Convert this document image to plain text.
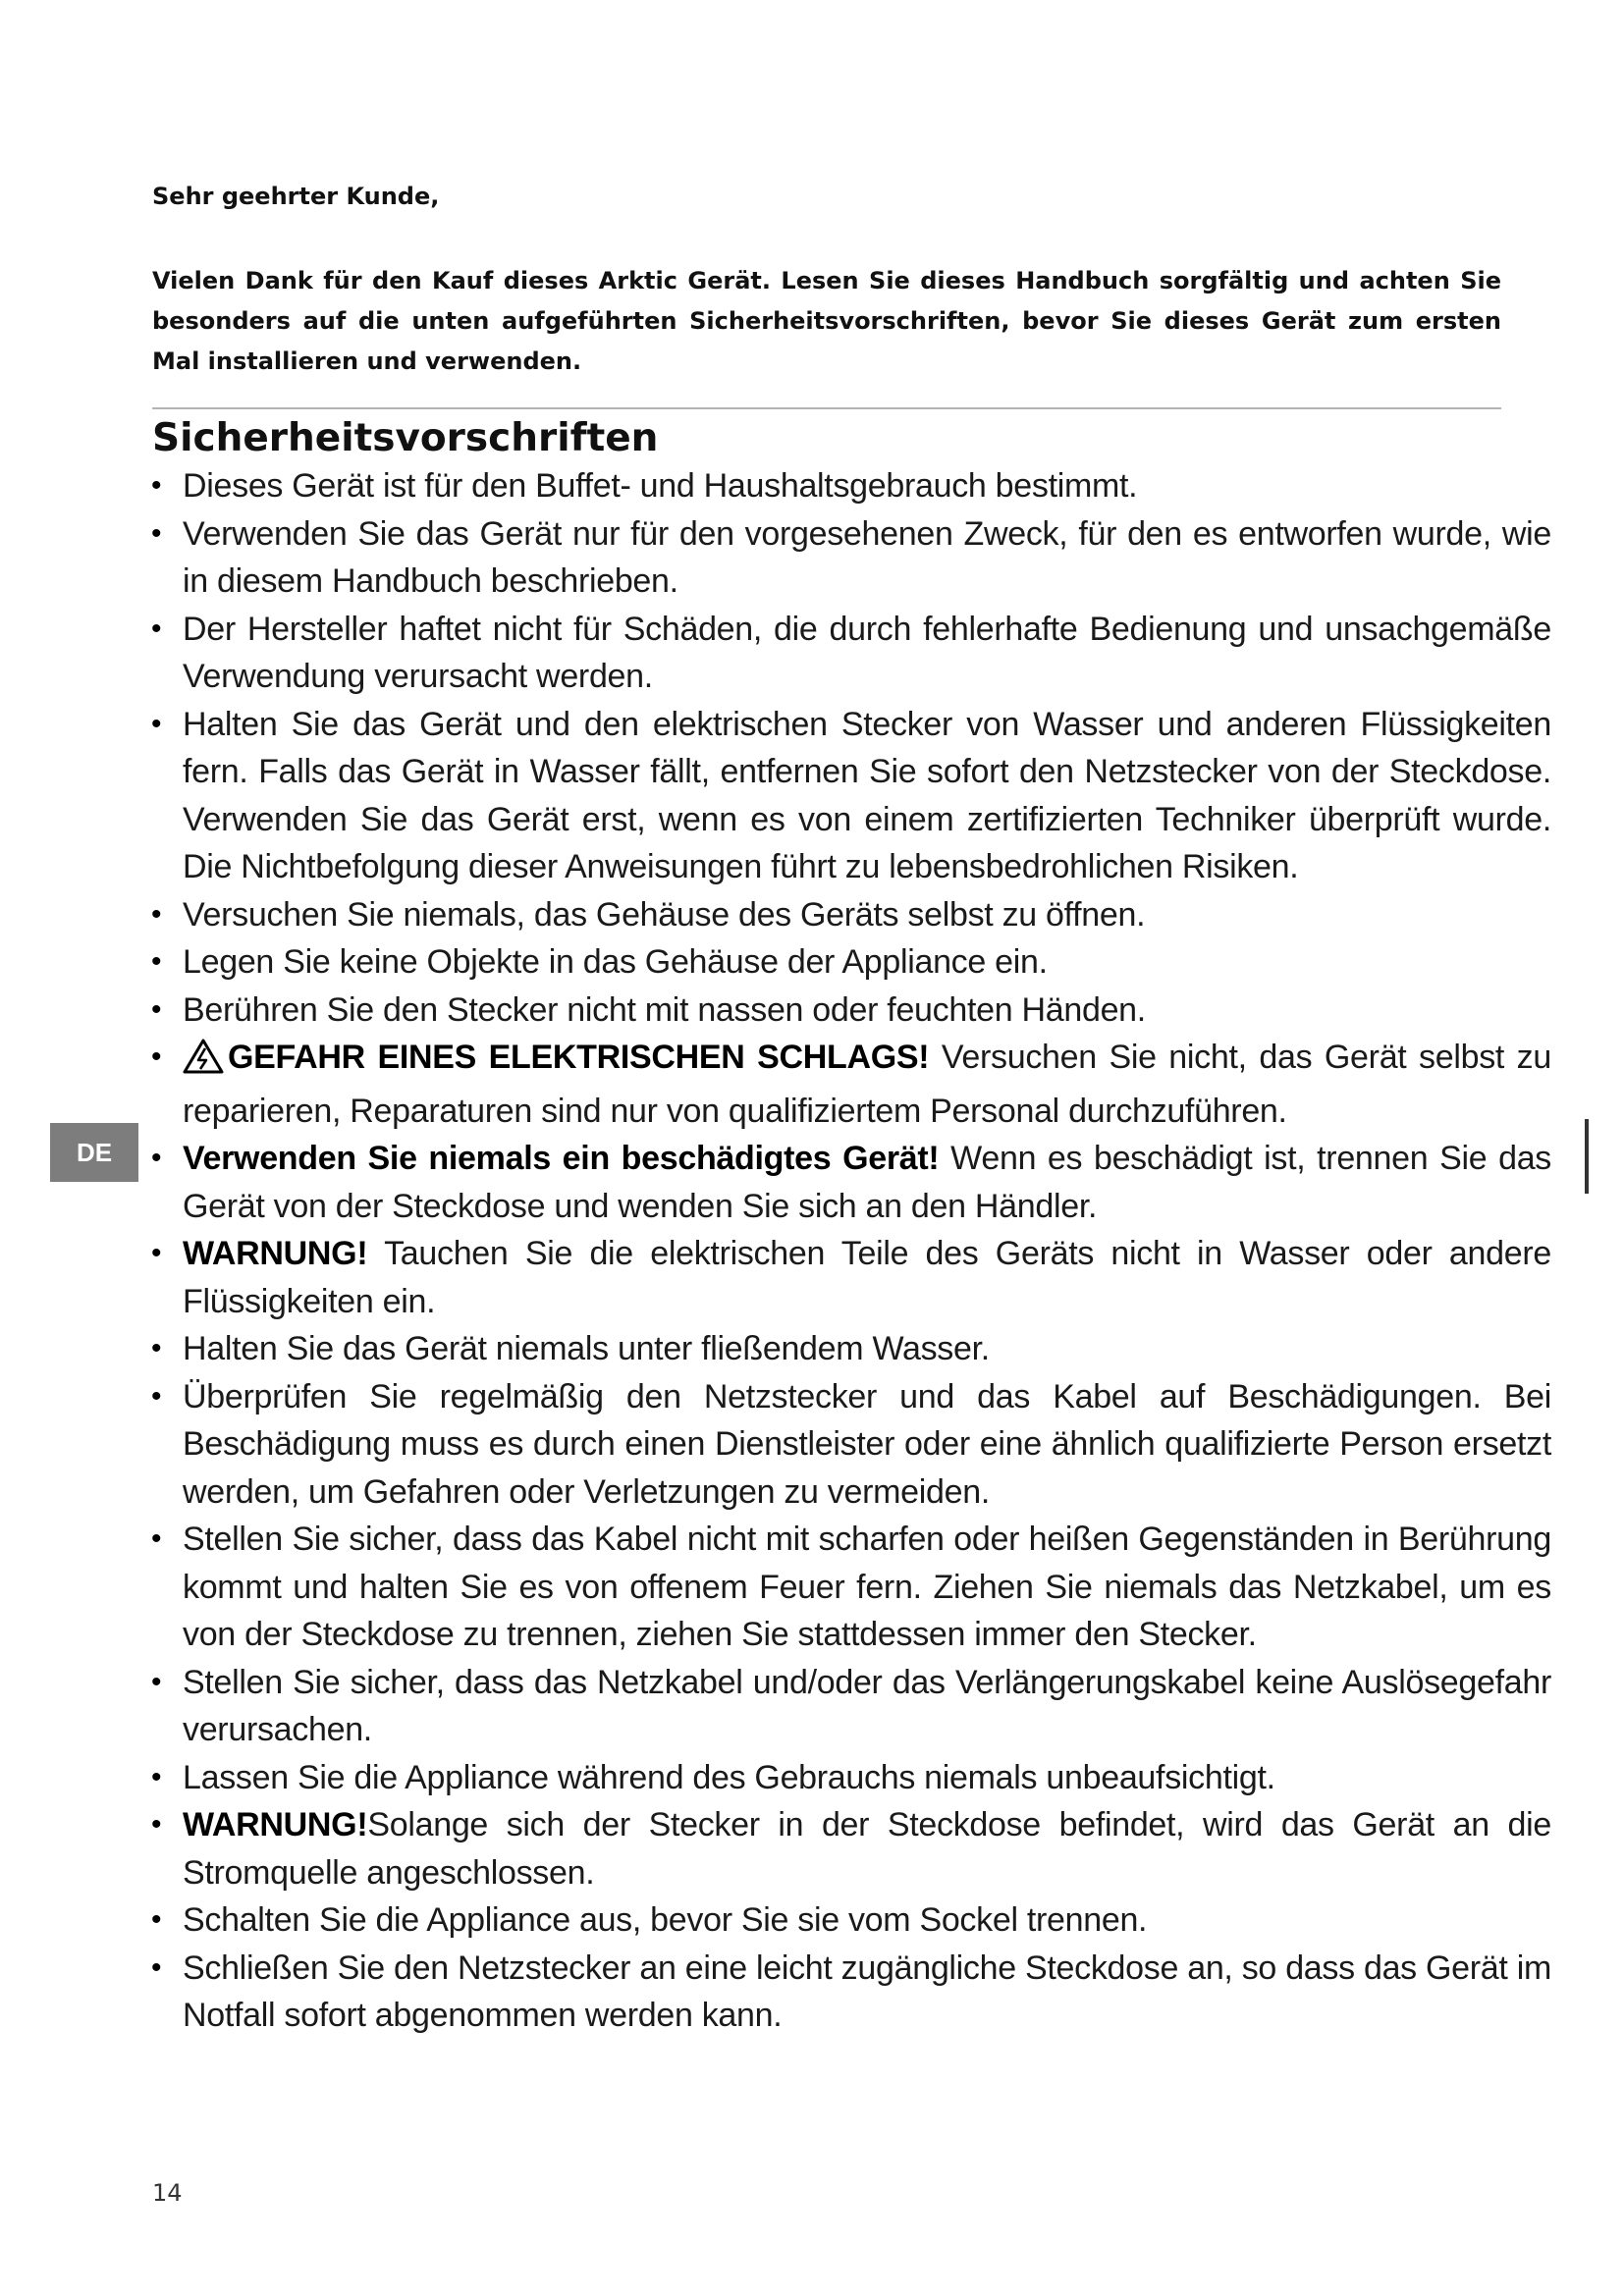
Sehr geehrter Kunde,

Vielen Dank für den Kauf dieses Arktic Gerät. Lesen Sie dieses Handbuch sorgfältig und achten Sie besonders auf die unten aufgeführten Sicherheitsvorschriften, bevor Sie dieses Gerät zum ersten Mal installieren und verwenden.

Sicherheitsvorschriften
• Dieses Gerät ist für den Buffet- und Haushaltsgebrauch bestimmt.
• Verwenden Sie das Gerät nur für den vorgesehenen Zweck, für den es entworfen wurde, wie in diesem Handbuch beschrieben.
• Der Hersteller haftet nicht für Schäden, die durch fehlerhafte Bedienung und unsachgemäße Verwendung verursacht werden.
• Halten Sie das Gerät und den elektrischen Stecker von Wasser und anderen Flüssigkeiten fern. Falls das Gerät in Wasser fällt, entfernen Sie sofort den Netzstecker von der Steckdose. Verwenden Sie das Gerät erst, wenn es von einem zertifizierten Techniker überprüft wurde. Die Nichtbefolgung dieser Anweisungen führt zu lebensbedrohlichen Risiken.
• Versuchen Sie niemals, das Gehäuse des Geräts selbst zu öffnen.
• Legen Sie keine Objekte in das Gehäuse der Appliance ein.
• Berühren Sie den Stecker nicht mit nassen oder feuchten Händen.
•	GEFAHR EINES ELEKTRISCHEN SCHLAGS! Versuchen Sie nicht, das Gerät selbst zu reparieren, Reparaturen sind nur von qualifiziertem Personal durchzuführen.
• Verwenden Sie niemals ein beschädigtes Gerät! Wenn es beschädigt ist, trennen Sie das Gerät von der Steckdose und wenden Sie sich an den Händler.
• WARNUNG! Tauchen Sie die elektrischen Teile des Geräts nicht in Wasser oder andere Flüssigkeiten ein.
• Halten Sie das Gerät niemals unter fließendem Wasser.
• Überprüfen Sie regelmäßig den Netzstecker und das Kabel auf Beschädigungen. Bei Beschädigung muss es durch einen Dienstleister oder eine ähnlich qualifizierte Person ersetzt werden, um Gefahren oder Verletzungen zu vermeiden.
• Stellen Sie sicher, dass das Kabel nicht mit scharfen oder heißen Gegenständen in Berührung kommt und halten Sie es von offenem Feuer fern. Ziehen Sie niemals das Netzkabel, um es von der Steckdose zu trennen, ziehen Sie stattdessen immer den Stecker.
• Stellen Sie sicher, dass das Netzkabel und/oder das Verlängerungskabel keine Auslösegefahr verursachen.
• Lassen Sie die Appliance während des Gebrauchs niemals unbeaufsichtigt.
• WARNUNG!Solange sich der Stecker in der Steckdose befindet, wird das Gerät an die Stromquelle angeschlossen.
• Schalten Sie die Appliance aus, bevor Sie sie vom Sockel trennen.
• Schließen Sie den Netzstecker an eine leicht zugängliche Steckdose an, so dass das Gerät im Notfall sofort abgenommen werden kann.
DE
14
